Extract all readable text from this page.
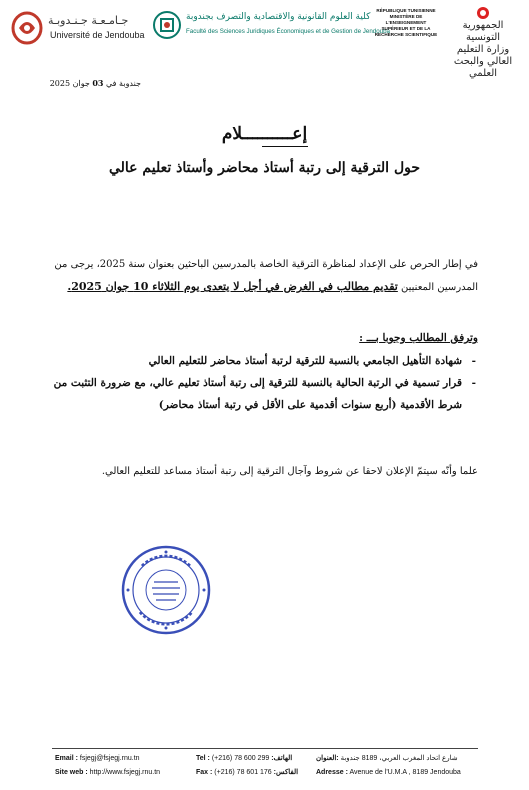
جـامـعـة جـنـدوبـة
Université de Jendouba
كلية العلوم القانونية والاقتصادية والتصرف بجندوبة
Faculté des Sciences Juridiques Économiques et de Gestion de Jendouba
RÉPUBLIQUE TUNISIENNE
MINISTÈRE DE L'ENSEIGNEMENT SUPÉRIEUR ET DE LA RECHERCHE SCIENTIFIQUE
الجمهورية التونسية
وزارة التعليم العالي والبحث العلمي
جندوبة في 03 جوان 2025
إعــــــــــلام
حول الترقية إلى رتبة أستاذ محاضر وأستاذ تعليم عالي
في إطار الحرص على الإعداد لمناظرة الترقية الخاصة بالمدرسين الباحثين بعنوان سنة 2025، يرجى من
المدرسين المعنيين تقديم مطالب في الغرض في أجل لا يتعدى يوم الثلاثاء 10 جوان 2025.
وترفق المطالب وجوبا بـــ :
- شهادة التأهيل الجامعي بالنسبة للترقية لرتبة أستاذ محاضر للتعليم العالي
- قرار تسمية في الرتبة الحالية بالنسبة للترقية إلى رتبة أستاذ تعليم عالي، مع ضرورة التثبت من شرط الأقدمية (أربع سنوات أقدمية على الأقل في رتبة أستاذ محاضر)
علما وأنّه سيتمّ الإعلان لاحقا عن شروط وآجال الترقية إلى رتبة أستاذ مساعد للتعليم العالي.
Email : fsjegj@fsjegj.rnu.tn
Site web : http://www.fsjegj.rnu.tn
Tel : (+216) 78 600 299 :الهاتف
Fax : (+216) 78 601 176 :الفاكس
شارع اتحاد المغرب العربي، 8189 جندوبة :العنوان
Adresse : Avenue de l'U.M.A , 8189 Jendouba
